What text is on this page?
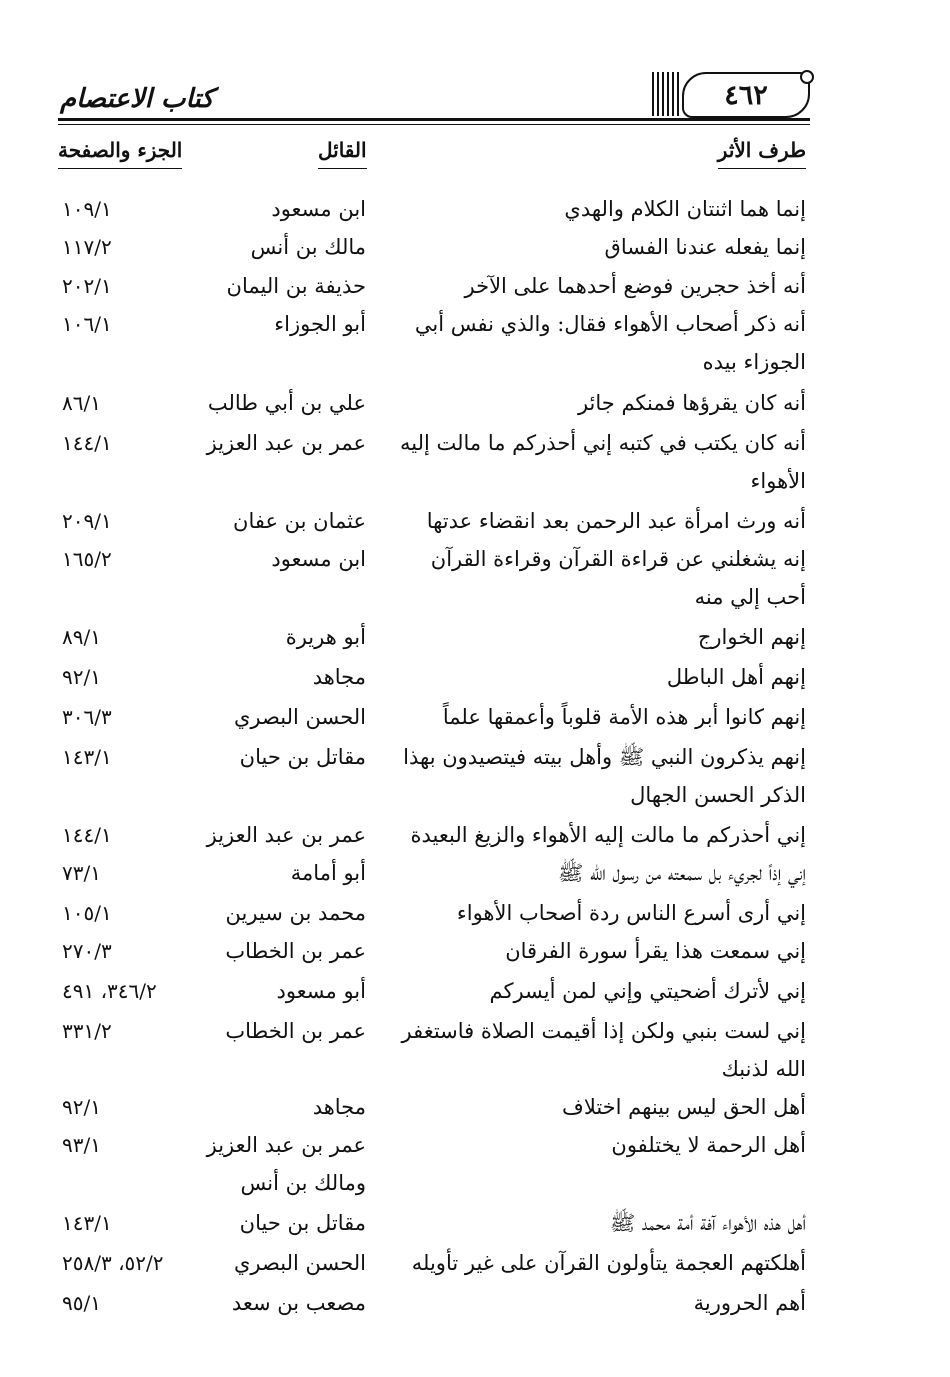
كتاب الاعتصام	٤٦٢
طرف الأثر
القائل
الجزء والصفحة
إنما هما اثنتان الكلام والهدي
ابن مسعود
١٠٩/١
إنما يفعله عندنا الفساق
مالك بن أنس
١١٧/٢
أنه أخذ حجرين فوضع أحدهما على الآخر
حذيفة بن اليمان
٢٠٢/١
أنه ذكر أصحاب الأهواء فقال: والذي نفس أبي الجوزاء بيده
أبو الجوزاء
١٠٦/١
أنه كان يقرؤها فمنكم جائر
علي بن أبي طالب
٨٦/١
أنه كان يكتب في كتبه إني أحذركم ما مالت إليه الأهواء
عمر بن عبد العزيز
١٤٤/١
أنه ورث امرأة عبد الرحمن بعد انقضاء عدتها
عثمان بن عفان
٢٠٩/١
إنه يشغلني عن قراءة القرآن وقراءة القرآن أحب إلي منه
ابن مسعود
١٦٥/٢
إنهم الخوارج
أبو هريرة
٨٩/١
إنهم أهل الباطل
مجاهد
٩٢/١
إنهم كانوا أبر هذه الأمة قلوباً وأعمقها علماً
الحسن البصري
٣٠٦/٣
إنهم يذكرون النبي ﷺ وأهل بيته فيتصيدون بهذا الذكر الحسن الجهال
مقاتل بن حيان
١٤٣/١
إني أحذركم ما مالت إليه الأهواء والزيغ البعيدة
عمر بن عبد العزيز
١٤٤/١
إني إذاً لجريء بل سمعته من رسول الله ﷺ
أبو أمامة
٧٣/١
إني أرى أسرع الناس ردة أصحاب الأهواء
محمد بن سيرين
١٠٥/١
إني سمعت هذا يقرأ سورة الفرقان
عمر بن الخطاب
٢٧٠/٣
إني لأترك أضحيتي وإني لمن أيسركم
أبو مسعود
٣٤٦/٢، ٤٩١
إني لست بنبي ولكن إذا أقيمت الصلاة فاستغفر الله لذنبك
عمر بن الخطاب
٣٣١/٢
أهل الحق ليس بينهم اختلاف
مجاهد
٩٢/١
أهل الرحمة لا يختلفون
عمر بن عبد العزيز ومالك بن أنس
٩٣/١
أهل هذه الأهواء آفة أمة محمد ﷺ
مقاتل بن حيان
١٤٣/١
أهلكتهم العجمة يتأولون القرآن على غير تأويله
الحسن البصري
٥٢/٢، ٢٥٨/٣
أهم الحرورية
مصعب بن سعد
٩٥/١
